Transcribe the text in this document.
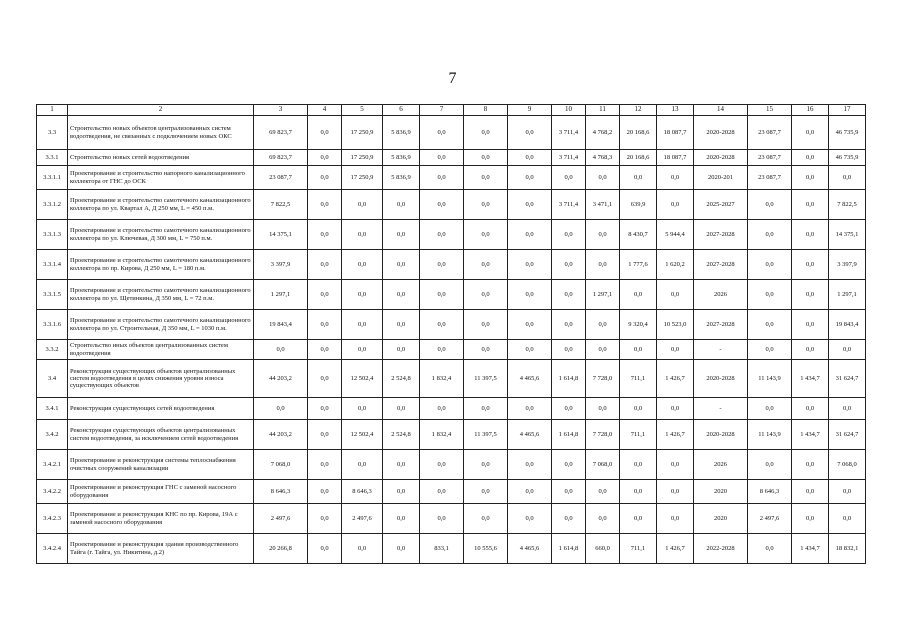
7
1	2	3	4	5	6	7	8	9	10	11	12	13	14	15	16	17
3.3	Строительство новых объектов централизованных систем водоотведения, не связанных с подключением новых ОКС	69 823,7	0,0	17 250,9	5 836,9	0,0	0,0	0,0	3 711,4	4 768,2	20 168,6	18 087,7	2020-2028	23 087,7	0,0	46 735,9
3.3.1	Строительство новых сетей водоотведения	69 823,7	0,0	17 250,9	5 836,9	0,0	0,0	0,0	3 711,4	4 768,3	20 168,6	18 087,7	2020-2028	23 087,7	0,0	46 735,9
3.3.1.1	Проектирование и строительство напорного канализационного коллектора от ГНС до ОСК	23 087,7	0,0	17 250,9	5 836,9	0,0	0,0	0,0	0,0	0,0	0,0	0,0	2020-201	23 087,7	0,0	0,0
3.3.1.2	Проектирование и строительство самотечного канализационного коллектора по ул. Квартал А, Д 250 мм, L = 450 п.м.	7 822,5	0,0	0,0	0,0	0,0	0,0	0,0	3 711,4	3 471,1	639,9	0,0	2025-2027	0,0	0,0	7 822,5
3.3.1.3	Проектирование и строительство самотечного канализационного коллектора по ул. Ключевая, Д 300 мм, L = 750 п.м.	14 375,1	0,0	0,0	0,0	0,0	0,0	0,0	0,0	0,0	8 430,7	5 944,4	2027-2028	0,0	0,0	14 375,1
3.3.1.4	Проектирование и строительство самотечного канализационного коллектора по пр. Кирова, Д 250 мм, L = 180 п.м.	3 397,9	0,0	0,0	0,0	0,0	0,0	0,0	0,0	0,0	1 777,6	1 620,2	2027-2028	0,0	0,0	3 397,9
3.3.1.5	Проектирование и строительство самотечного канализационного коллектора по ул. Щетинкина, Д 350 мм, L = 72 п.м.	1 297,1	0,0	0,0	0,0	0,0	0,0	0,0	0,0	1 297,1	0,0	0,0	2026	0,0	0,0	1 297,1
3.3.1.6	Проектирование и строительство самотечного канализационного коллектора по ул. Строительная, Д 350 мм, L = 1030 п.м.	19 843,4	0,0	0,0	0,0	0,0	0,0	0,0	0,0	0,0	9 320,4	10 523,0	2027-2028	0,0	0,0	19 843,4
3.3.2	Строительство иных объектов централизованных систем водоотведения	0,0	0,0	0,0	0,0	0,0	0,0	0,0	0,0	0,0	0,0	0,0	-	0,0	0,0	0,0
3.4	Реконструкция существующих объектов централизованных систем водоотведения в целях снижения уровня износа существующих объектов	44 203,2	0,0	12 502,4	2 524,8	1 832,4	11 397,5	4 465,6	1 614,8	7 728,0	711,1	1 426,7	2020-2028	11 143,9	1 434,7	31 624,7
3.4.1	Реконструкция существующих сетей водоотведения	0,0	0,0	0,0	0,0	0,0	0,0	0,0	0,0	0,0	0,0	0,0	-	0,0	0,0	0,0
3.4.2	Реконструкция существующих объектов централизованных систем водоотведения, за исключением сетей водоотведения	44 203,2	0,0	12 502,4	2 524,8	1 832,4	11 397,5	4 465,6	1 614,8	7 728,0	711,1	1 426,7	2020-2028	11 143,9	1 434,7	31 624,7
3.4.2.1	Проектирование и реконструкция системы теплоснабжения очистных сооружений канализации	7 068,0	0,0	0,0	0,0	0,0	0,0	0,0	0,0	7 068,0	0,0	0,0	2026	0,0	0,0	7 068,0
3.4.2.2	Проектирование и реконструкция ГНС с заменой насосного оборудования	8 646,3	0,0	8 646,3	0,0	0,0	0,0	0,0	0,0	0,0	0,0	0,0	2020	8 646,3	0,0	0,0
3.4.2.3	Проектирование и реконструкция КНС по пр. Кирова, 19А с заменой насосного оборудования	2 497,6	0,0	2 497,6	0,0	0,0	0,0	0,0	0,0	0,0	0,0	0,0	2020	2 497,6	0,0	0,0
3.4.2.4	Проектирование и реконструкция здания производственного Тайга (г. Тайга, ул. Никитина, д.2)	20 266,8	0,0	0,0	0,0	833,1	10 555,6	4 465,6	1 614,8	660,0	711,1	1 426,7	2022-2028	0,0	1 434,7	18 832,1
